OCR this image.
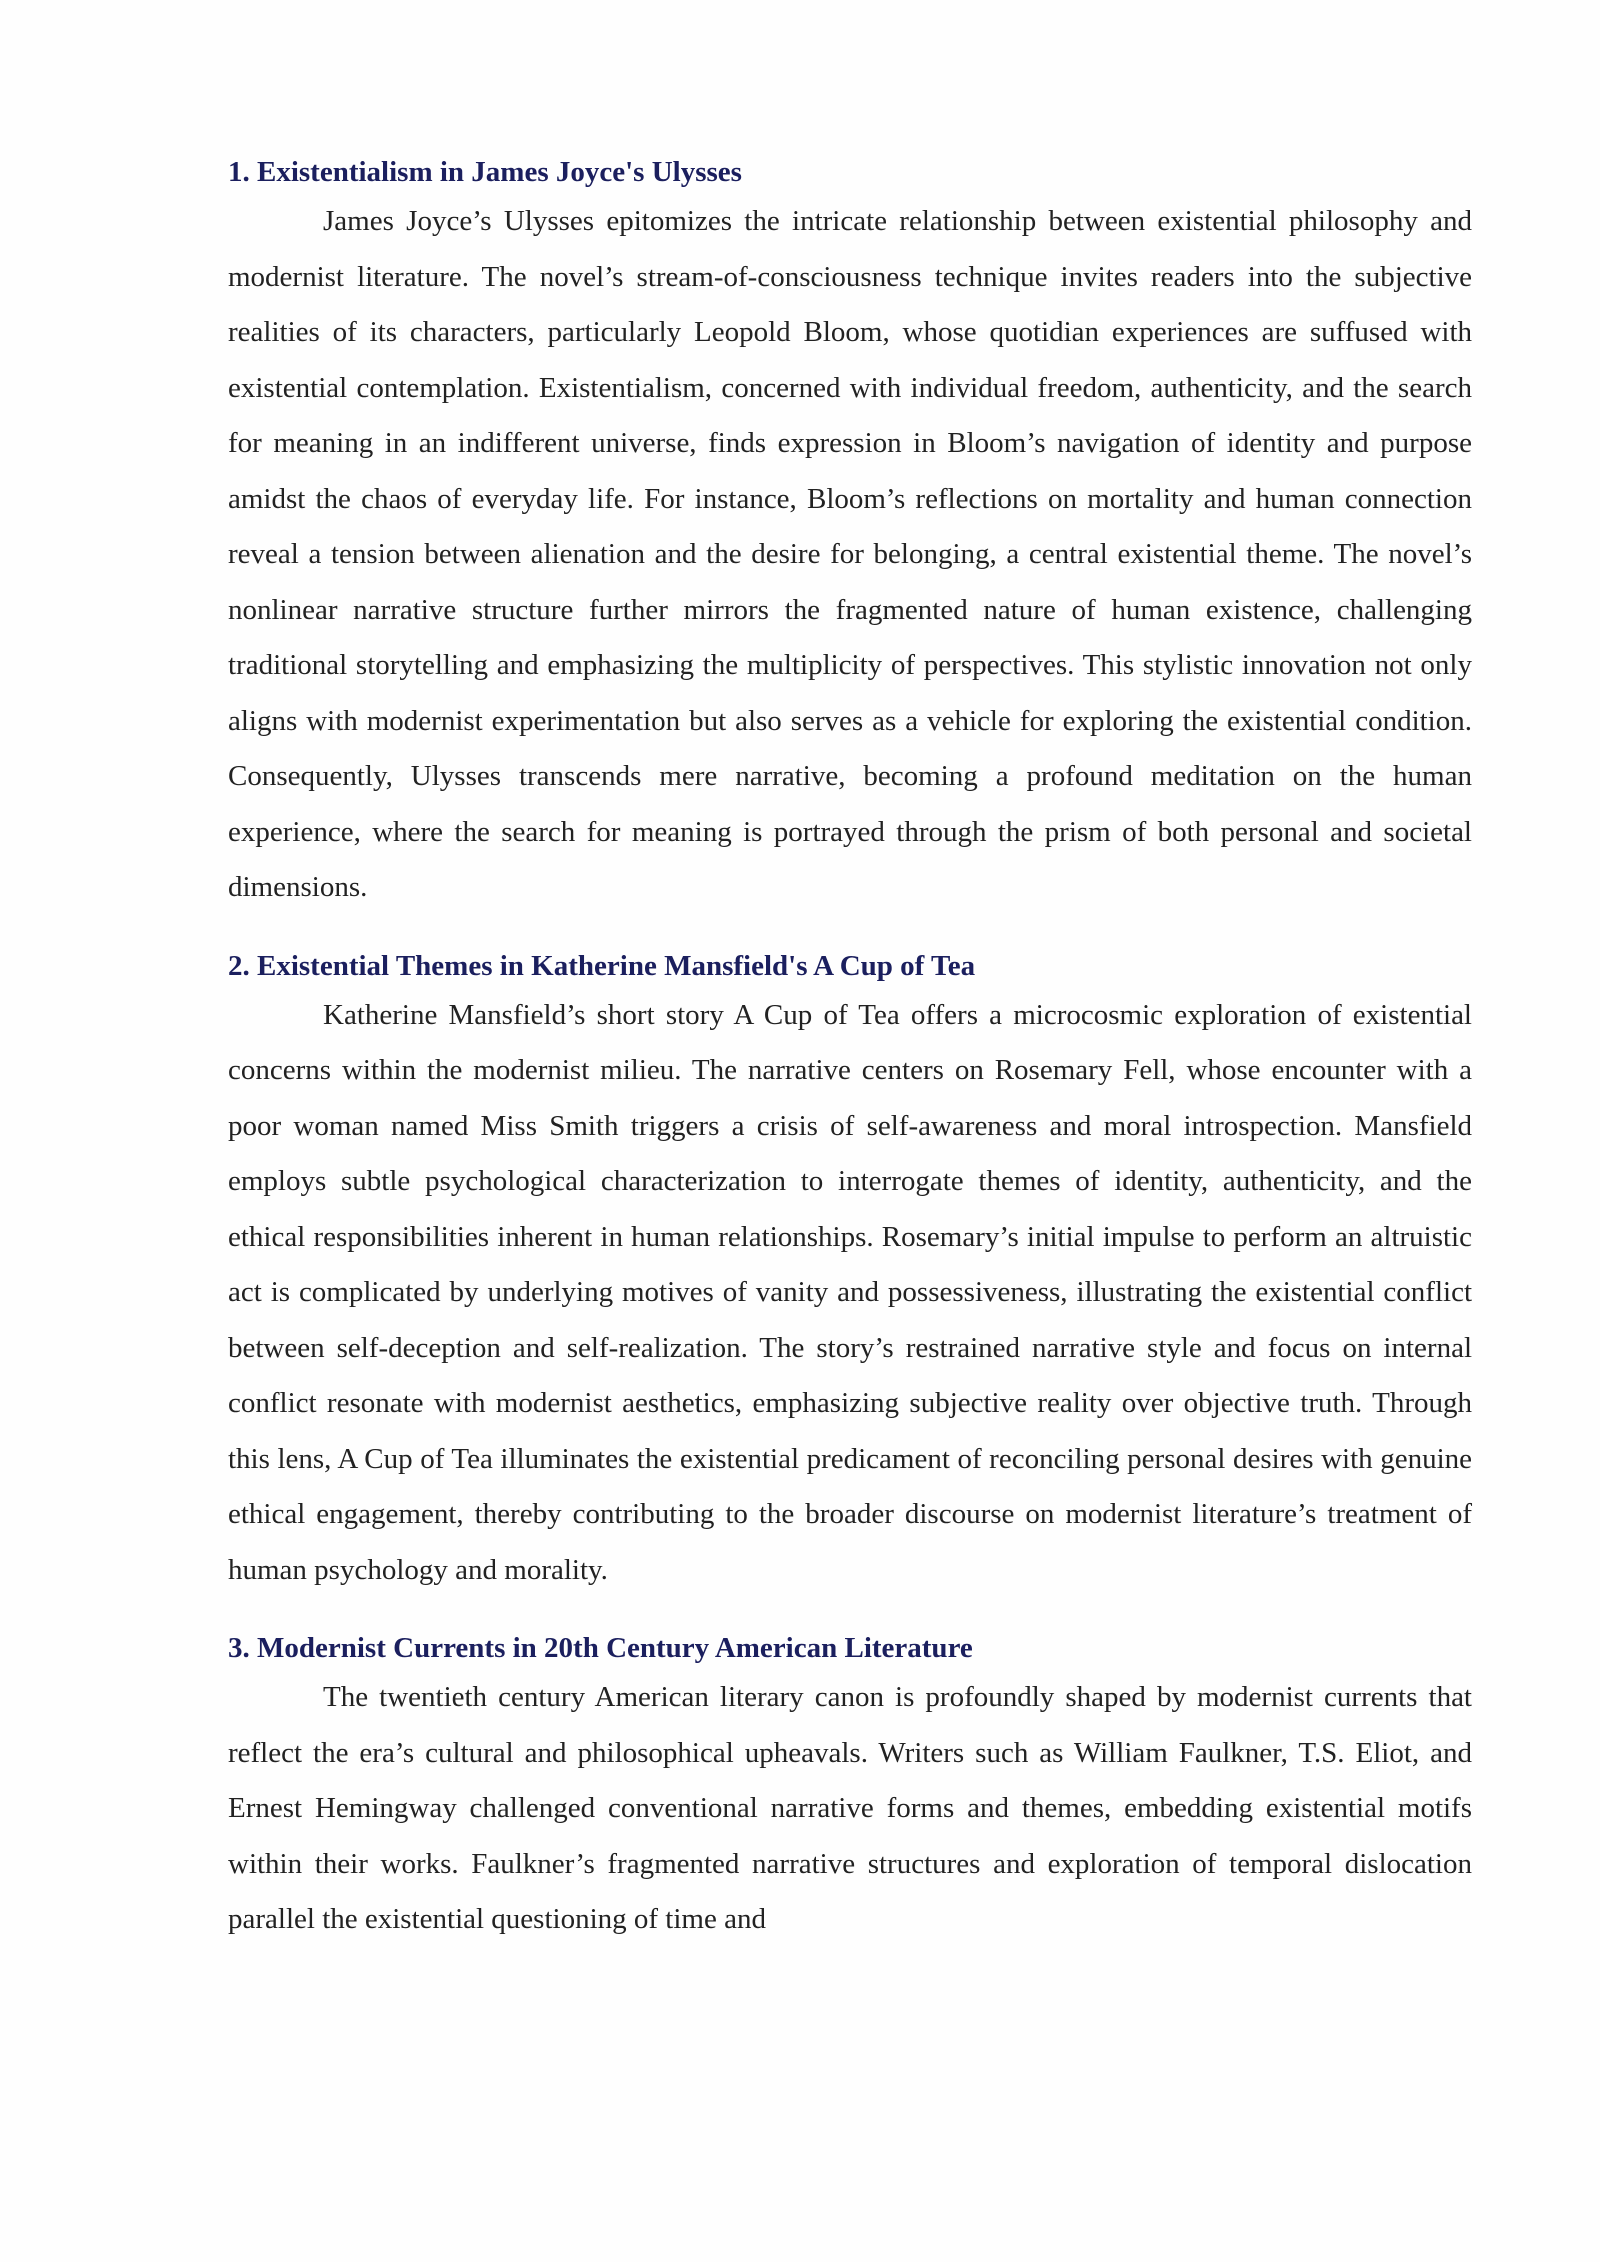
1. Existentialism in James Joyce's Ulysses

James Joyce’s Ulysses epitomizes the intricate relationship between existential philosophy and modernist literature. The novel’s stream-of-consciousness technique invites readers into the subjective realities of its characters, particularly Leopold Bloom, whose quotidian experiences are suffused with existential contemplation. Existentialism, concerned with individual freedom, authenticity, and the search for meaning in an indifferent universe, finds expression in Bloom’s navigation of identity and purpose amidst the chaos of everyday life. For instance, Bloom’s reflections on mortality and human connection reveal a tension between alienation and the desire for belonging, a central existential theme. The novel’s nonlinear narrative structure further mirrors the fragmented nature of human existence, challenging traditional storytelling and emphasizing the multiplicity of perspectives. This stylistic innovation not only aligns with modernist experimentation but also serves as a vehicle for exploring the existential condition. Consequently, Ulysses transcends mere narrative, becoming a profound meditation on the human experience, where the search for meaning is portrayed through the prism of both personal and societal dimensions.

2. Existential Themes in Katherine Mansfield's A Cup of Tea

Katherine Mansfield’s short story A Cup of Tea offers a microcosmic exploration of existential concerns within the modernist milieu. The narrative centers on Rosemary Fell, whose encounter with a poor woman named Miss Smith triggers a crisis of self-awareness and moral introspection. Mansfield employs subtle psychological characterization to interrogate themes of identity, authenticity, and the ethical responsibilities inherent in human relationships. Rosemary’s initial impulse to perform an altruistic act is complicated by underlying motives of vanity and possessiveness, illustrating the existential conflict between self-deception and self-realization. The story’s restrained narrative style and focus on internal conflict resonate with modernist aesthetics, emphasizing subjective reality over objective truth. Through this lens, A Cup of Tea illuminates the existential predicament of reconciling personal desires with genuine ethical engagement, thereby contributing to the broader discourse on modernist literature’s treatment of human psychology and morality.

3. Modernist Currents in 20th Century American Literature

The twentieth century American literary canon is profoundly shaped by modernist currents that reflect the era’s cultural and philosophical upheavals. Writers such as William Faulkner, T.S. Eliot, and Ernest Hemingway challenged conventional narrative forms and themes, embedding existential motifs within their works. Faulkner’s fragmented narrative structures and exploration of temporal dislocation parallel the existential questioning of time and
